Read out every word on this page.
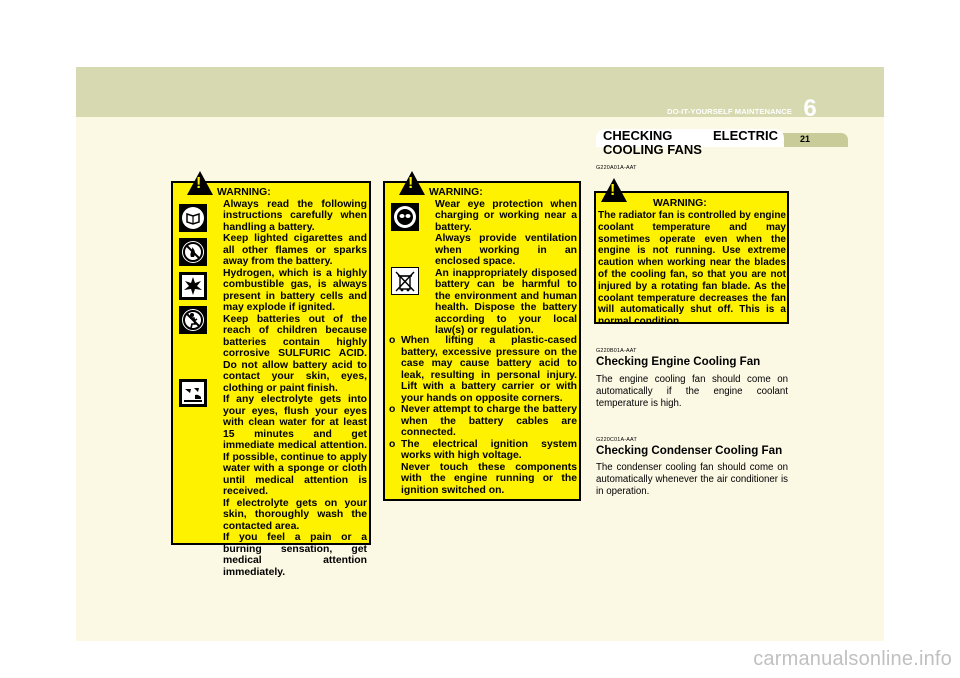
DO-IT-YOURSELF MAINTENANCE 6
CHECKING ELECTRIC
COOLING FANS
21
!

WARNING:

Always read the following instructions carefully when handling a battery.

Keep lighted cigarettes and all other flames or sparks away from the battery.

Hydrogen, which is a highly combustible gas, is always present in battery cells and may explode if ignited.

Keep batteries out of the reach of children because batteries contain highly corrosive SULFURIC ACID. Do not allow battery acid to contact your skin, eyes, clothing or paint finish.

If any electrolyte gets into your eyes, flush your eyes with clean water for at least 15 minutes and get immediate medical attention. If possible, continue to apply water with a sponge or cloth until medical attention is received.

If electrolyte gets on your skin, thoroughly wash the contacted area.

If you feel a pain or a burning sensation, get medical attention immediately.

!

WARNING:

Wear eye protection when charging or working near a battery.

Always provide ventilation when working in an enclosed space.

An inappropriately disposed battery can be harmful to the environment and human health. Dispose the battery according to your local law(s) or regulation.

o When lifting a plastic-cased battery, excessive pressure on the case may cause battery acid to leak, resulting in personal injury. Lift with a battery carrier or with your hands on opposite corners.

o Never attempt to charge the battery when the battery cables are connected.

o The electrical ignition system works with high voltage.

Never touch these components with the engine running or the ignition switched on.

G220A01A-AAT
!

WARNING:

The radiator fan is controlled by engine coolant temperature and may sometimes operate even when the engine is not running. Use extreme caution when working near the blades of the cooling fan, so that you are not injured by a rotating fan blade. As the coolant temperature decreases the fan will automatically shut off. This is a normal condition.

G220B01A-AAT
Checking Engine Cooling Fan
The engine cooling fan should come on automatically if the engine coolant temperature is high.
G220C01A-AAT
Checking Condenser Cooling Fan
The condenser cooling fan should come on automatically whenever the air conditioner is in operation.
carmanualsonline.info
